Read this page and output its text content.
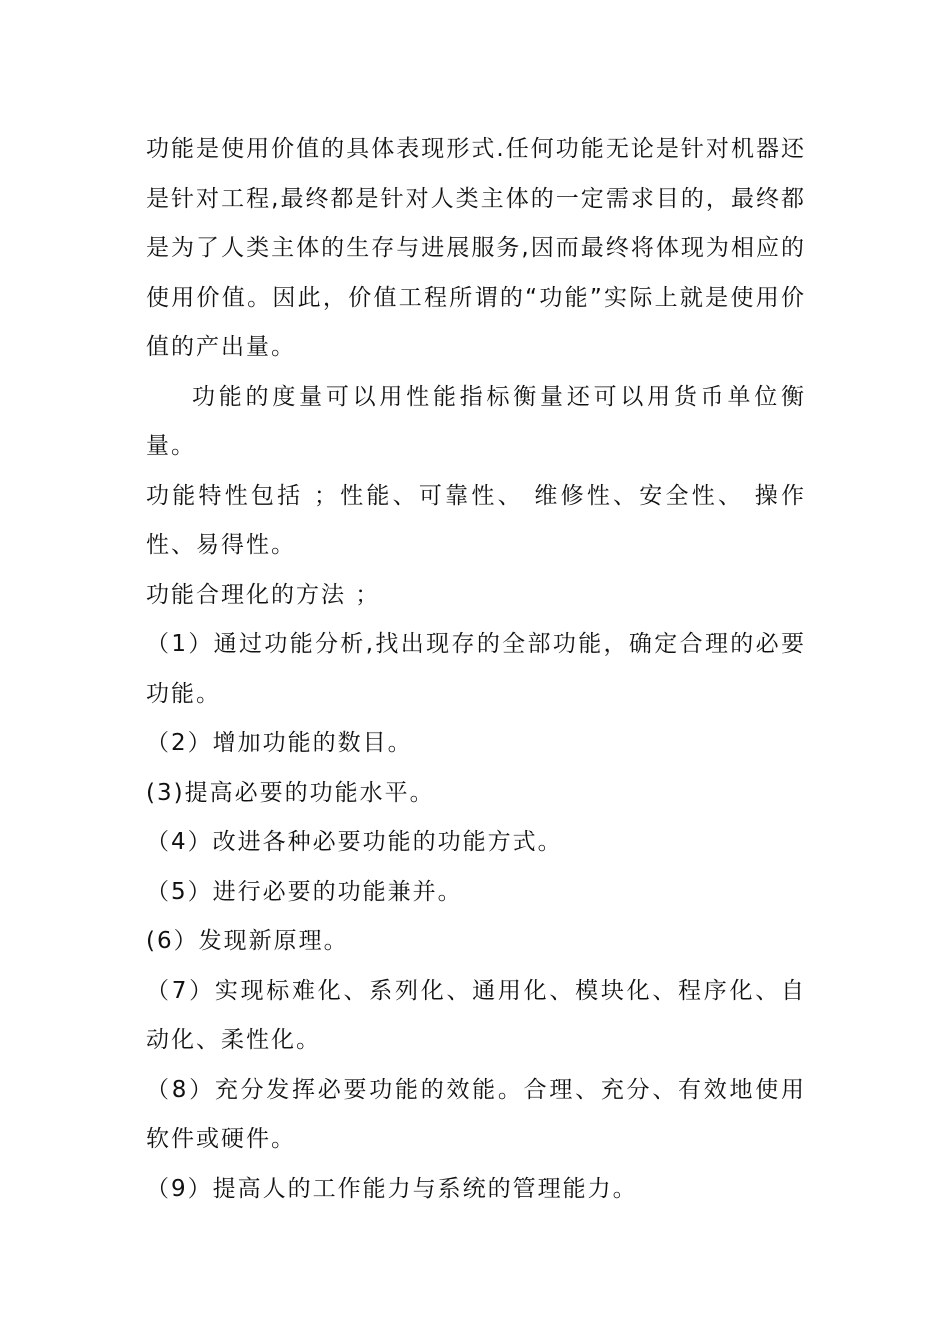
功能是使用价值的具体表现形式.任何功能无论是针对机器还是针对工程,最终都是针对人类主体的一定需求目的，最终都是为了人类主体的生存与进展服务,因而最终将体现为相应的使用价值。因此，价值工程所谓的“功能”实际上就是使用价值的产出量。

功能的度量可以用性能指标衡量还可以用货币单位衡量。

功能特性包括 ；性能、可靠性、 维修性、安全性、 操作性、易得性。

功能合理化的方法 ；

（1）通过功能分析,找出现存的全部功能，确定合理的必要功能。

（2）增加功能的数目。

(3)提高必要的功能水平。

（4）改进各种必要功能的功能方式。

（5）进行必要的功能兼并。

(6）发现新原理。

（7）实现标难化、系列化、通用化、模块化、程序化、自动化、柔性化。

（8）充分发挥必要功能的效能。合理、充分、有效地使用软件或硬件。

（9）提高人的工作能力与系统的管理能力。
